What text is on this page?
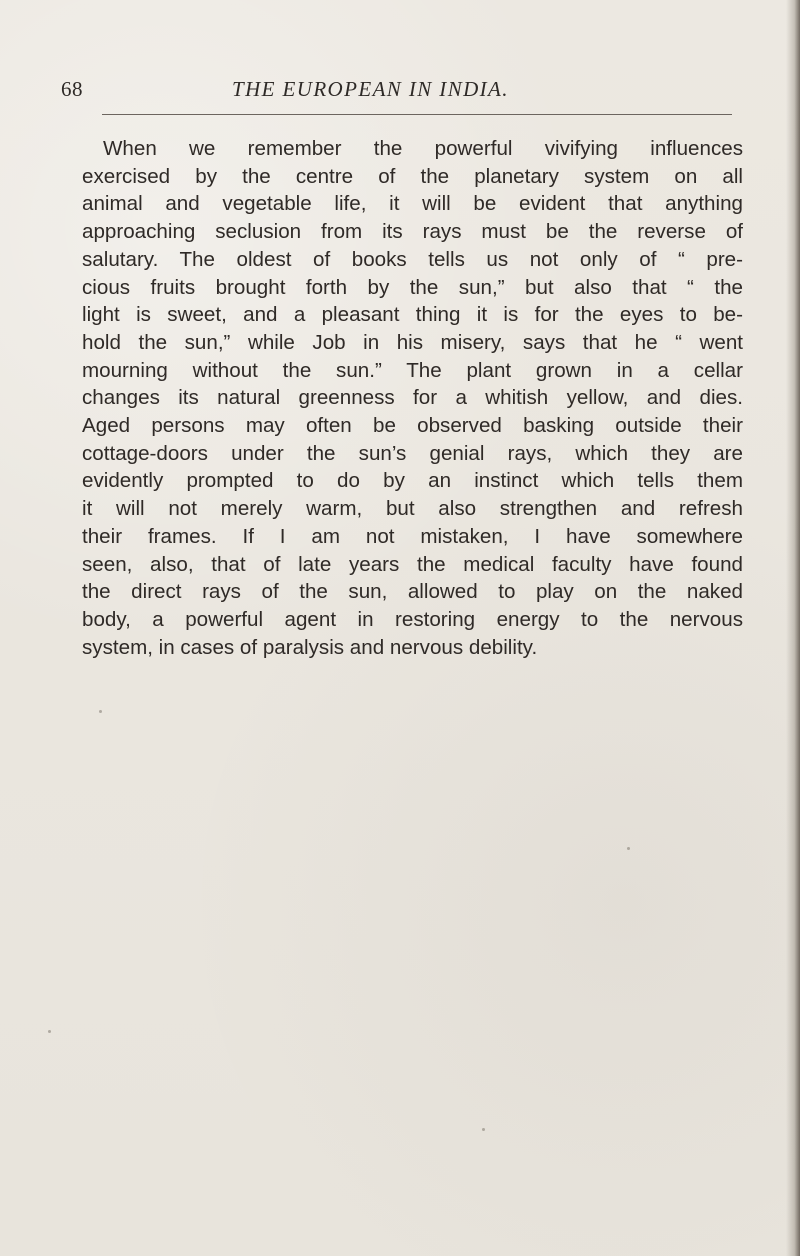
68	THE EUROPEAN IN INDIA.
When we remember the powerful vivifying influences
exercised by the centre of the planetary system on all
animal and vegetable life, it will be evident that anything
approaching seclusion from its rays must be the reverse of
salutary. The oldest of books tells us not only of “ pre-
cious fruits brought forth by the sun,” but also that “ the
light is sweet, and a pleasant thing it is for the eyes to be-
hold the sun,” while Job in his misery, says that he “ went
mourning without the sun.” The plant grown in a cellar
changes its natural greenness for a whitish yellow, and dies.
Aged persons may often be observed basking outside their
cottage-doors under the sun’s genial rays, which they are
evidently prompted to do by an instinct which tells them
it will not merely warm, but also strengthen and refresh
their frames. If I am not mistaken, I have somewhere
seen, also, that of late years the medical faculty have found
the direct rays of the sun, allowed to play on the naked
body, a powerful agent in restoring energy to the nervous
system, in cases of paralysis and nervous debility.
